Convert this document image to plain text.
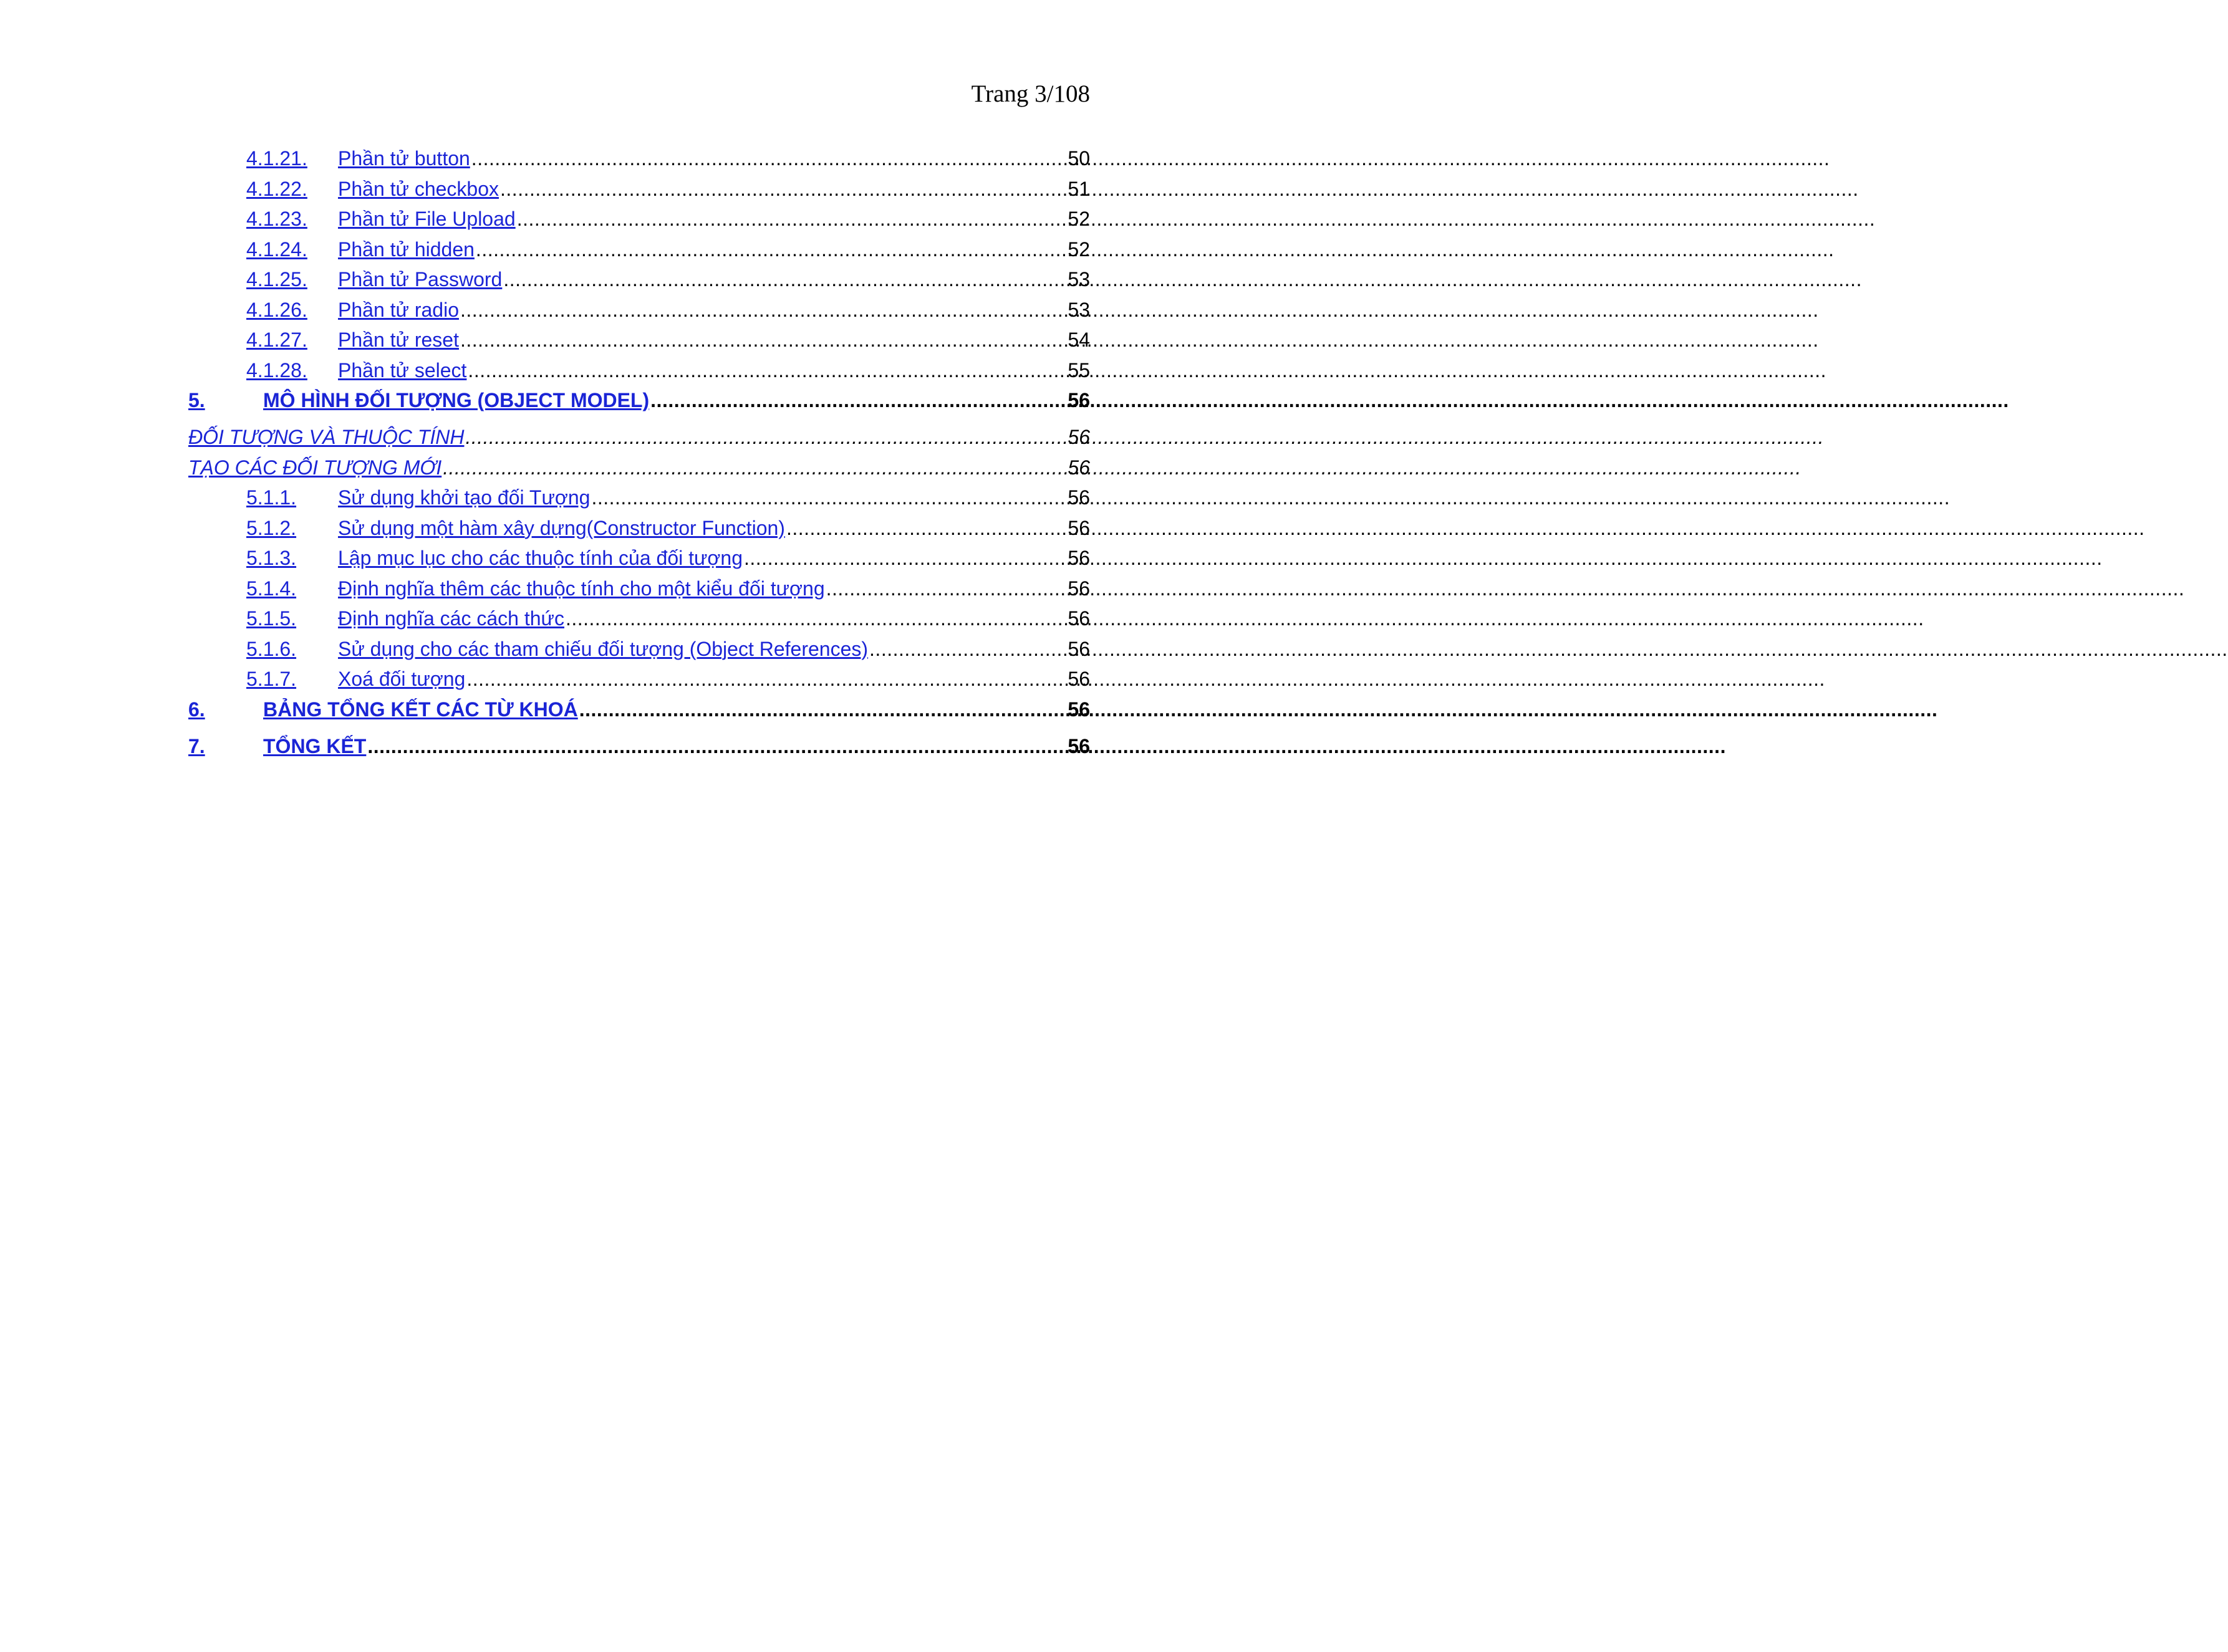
Trang 3/108
4.1.21.	Phần tử button .....	50
4.1.22.	Phần tử checkbox .....	51
4.1.23.	Phần tử File Upload .....	52
4.1.24.	Phần tử hidden .....	52
4.1.25.	Phần tử Password .....	53
4.1.26.	Phần tử radio .....	53
4.1.27.	Phần tử reset .....	54
4.1.28.	Phần tử select .....	55
5.	MÔ HÌNH ĐỐI TƯỢNG (OBJECT MODEL) .....	56
ĐỐI TƯỢNG VÀ THUỘC TÍNH .....	56
TẠO CÁC ĐỐI TƯỢNG MỚI .....	56
5.1.1.	Sử dụng khởi tạo đối Tượng .....	56
5.1.2.	Sử dụng một hàm xây dựng(Constructor Function) .....	56
5.1.3.	Lập mục lục cho các thuộc tính của đối tượng .....	56
5.1.4.	Định nghĩa thêm các thuộc tính cho một kiểu đối tượng .....	56
5.1.5.	Định nghĩa các cách thức .....	56
5.1.6.	Sử dụng cho các tham chiếu đối tượng (Object References) .....	56
5.1.7.	Xoá đối tượng .....	56
6.	BẢNG TỔNG KẾT CÁC TỪ KHOÁ .....	56
7.	TỔNG KẾT .....	56
